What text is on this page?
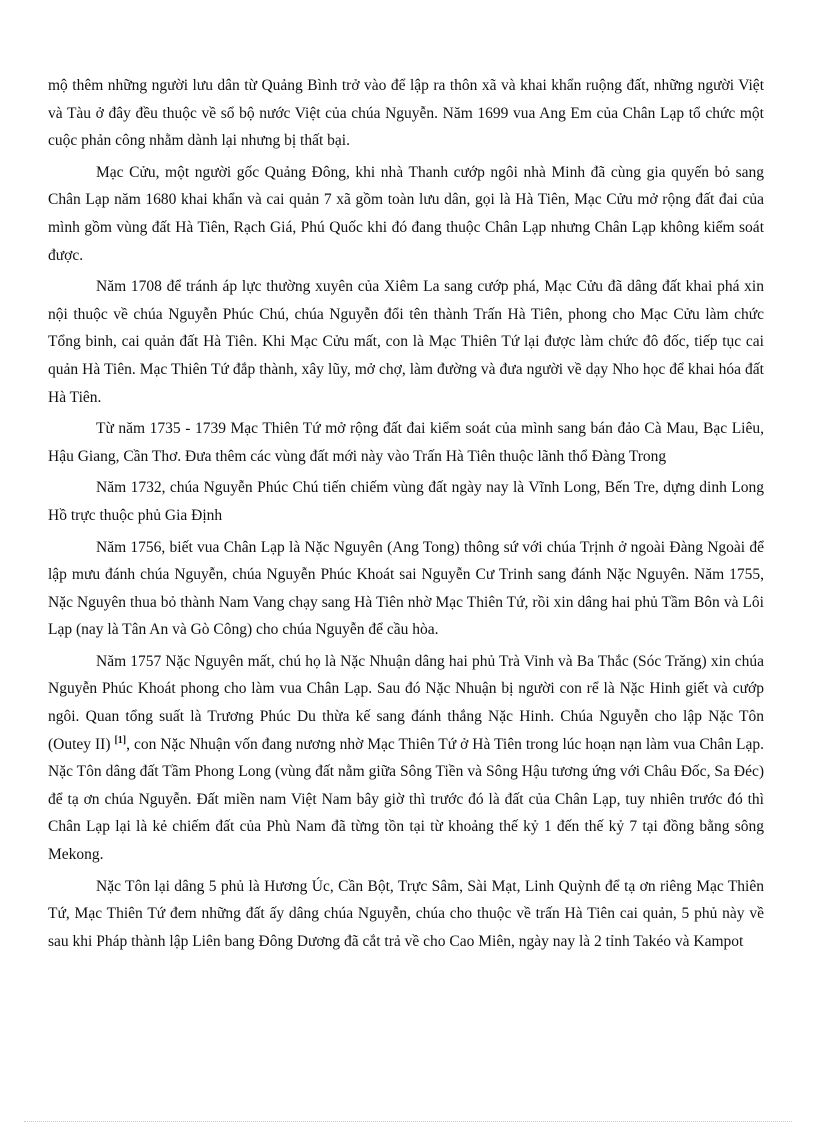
mộ thêm những người lưu dân từ Quảng Bình trở vào để lập ra thôn xã và khai khẩn ruộng đất, những người Việt và Tàu ở đây đều thuộc về sổ bộ nước Việt của chúa Nguyễn. Năm 1699 vua Ang Em của Chân Lạp tổ chức một cuộc phản công nhằm dành lại nhưng bị thất bại.

Mạc Cửu, một người gốc Quảng Đông, khi nhà Thanh cướp ngôi nhà Minh đã cùng gia quyến bỏ sang Chân Lạp năm 1680 khai khẩn và cai quản 7 xã gồm toàn lưu dân, gọi là Hà Tiên, Mạc Cửu mở rộng đất đai của mình gồm vùng đất Hà Tiên, Rạch Giá, Phú Quốc khi đó đang thuộc Chân Lạp nhưng Chân Lạp không kiểm soát được.

Năm 1708 để tránh áp lực thường xuyên của Xiêm La sang cướp phá, Mạc Cửu đã dâng đất khai phá xin nội thuộc về chúa Nguyễn Phúc Chú, chúa Nguyễn đổi tên thành Trấn Hà Tiên, phong cho Mạc Cửu làm chức Tổng binh, cai quản đất Hà Tiên. Khi Mạc Cửu mất, con là Mạc Thiên Tứ lại được làm chức đô đốc, tiếp tục cai quản Hà Tiên. Mạc Thiên Tứ đắp thành, xây lũy, mở chợ, làm đường và đưa người về dạy Nho học để khai hóa đất Hà Tiên.

Từ năm 1735 - 1739 Mạc Thiên Tứ mở rộng đất đai kiểm soát của mình sang bán đảo Cà Mau, Bạc Liêu, Hậu Giang, Cần Thơ. Đưa thêm các vùng đất mới này vào Trấn Hà Tiên thuộc lãnh thổ Đàng Trong

Năm 1732, chúa Nguyễn Phúc Chú tiến chiếm vùng đất ngày nay là Vĩnh Long, Bến Tre, dựng dinh Long Hồ trực thuộc phủ Gia Định

Năm 1756, biết vua Chân Lạp là Nặc Nguyên (Ang Tong) thông sứ với chúa Trịnh ở ngoài Đàng Ngoài để lập mưu đánh chúa Nguyễn, chúa Nguyễn Phúc Khoát sai Nguyễn Cư Trinh sang đánh Nặc Nguyên. Năm 1755, Nặc Nguyên thua bỏ thành Nam Vang chạy sang Hà Tiên nhờ Mạc Thiên Tứ, rồi xin dâng hai phủ Tầm Bôn và Lôi Lạp (nay là Tân An và Gò Công) cho chúa Nguyễn để cầu hòa.

Năm 1757 Nặc Nguyên mất, chú họ là Nặc Nhuận dâng hai phủ Trà Vinh và Ba Thắc (Sóc Trăng) xin chúa Nguyễn Phúc Khoát phong cho làm vua Chân Lạp. Sau đó Nặc Nhuận bị người con rể là Nặc Hinh giết và cướp ngôi. Quan tổng suất là Trương Phúc Du thừa kế sang đánh thắng Nặc Hinh. Chúa Nguyễn cho lập Nặc Tôn (Outey II) [1], con Nặc Nhuận vốn đang nương nhờ Mạc Thiên Tứ ở Hà Tiên trong lúc hoạn nạn làm vua Chân Lạp. Nặc Tôn dâng đất Tầm Phong Long (vùng đất nằm giữa Sông Tiền và Sông Hậu tương ứng với Châu Đốc, Sa Đéc) để tạ ơn chúa Nguyễn. Đất miền nam Việt Nam bây giờ thì trước đó là đất của Chân Lạp, tuy nhiên trước đó thì Chân Lạp lại là kẻ chiếm đất của Phù Nam đã từng tồn tại từ khoảng thế kỷ 1 đến thế kỷ 7 tại đồng bằng sông Mekong.

Nặc Tôn lại dâng 5 phủ là Hương Úc, Cần Bột, Trực Sâm, Sài Mạt, Linh Quỳnh để tạ ơn riêng Mạc Thiên Tứ, Mạc Thiên Tứ đem những đất ấy dâng chúa Nguyễn, chúa cho thuộc về trấn Hà Tiên cai quản, 5 phủ này về sau khi Pháp thành lập Liên bang Đông Dương đã cắt trả về cho Cao Miên, ngày nay là 2 tỉnh Takéo và Kampot
